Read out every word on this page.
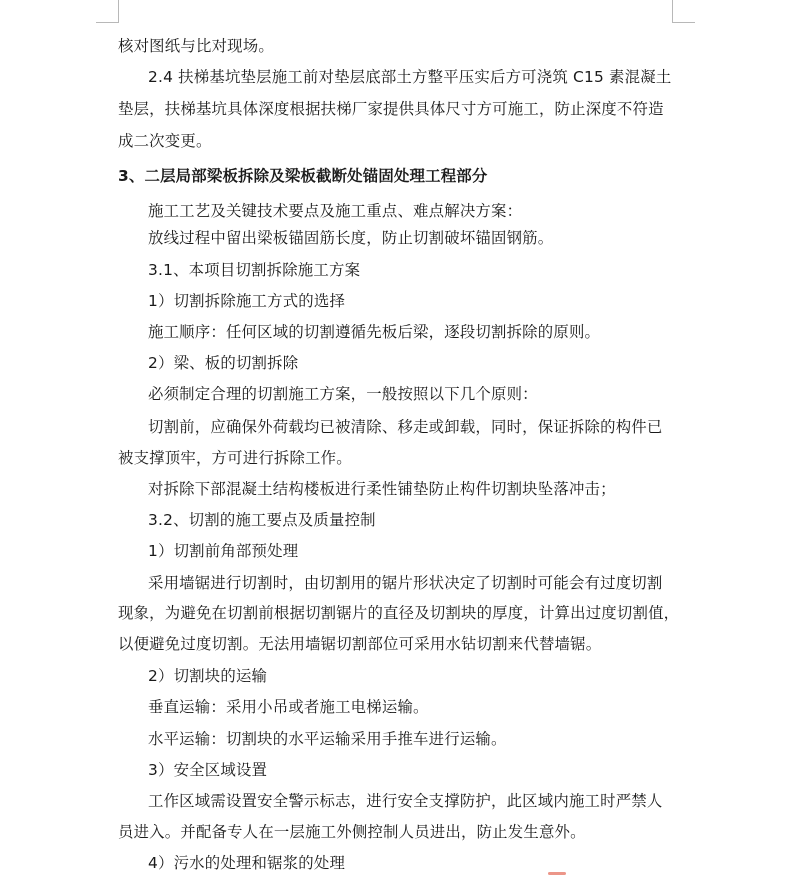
核对图纸与比对现场。
2.4 扶梯基坑垫层施工前对垫层底部土方整平压实后方可浇筑 C15 素混凝土
垫层，扶梯基坑具体深度根据扶梯厂家提供具体尺寸方可施工，防止深度不符造
成二次变更。
3、二层局部梁板拆除及梁板截断处锚固处理工程部分
施工工艺及关键技术要点及施工重点、难点解决方案：
放线过程中留出梁板锚固筋长度，防止切割破坏锚固钢筋。
3.1、本项目切割拆除施工方案
1）切割拆除施工方式的选择
施工顺序：任何区域的切割遵循先板后梁，逐段切割拆除的原则。
2）梁、板的切割拆除
必须制定合理的切割施工方案，一般按照以下几个原则：
切割前，应确保外荷载均已被清除、移走或卸载，同时，保证拆除的构件已
被支撑顶牢，方可进行拆除工作。
对拆除下部混凝土结构楼板进行柔性铺垫防止构件切割块坠落冲击；
3.2、切割的施工要点及质量控制
1）切割前角部预处理
采用墙锯进行切割时，由切割用的锯片形状决定了切割时可能会有过度切割
现象，为避免在切割前根据切割锯片的直径及切割块的厚度，计算出过度切割值，
以便避免过度切割。无法用墙锯切割部位可采用水钻切割来代替墙锯。
2）切割块的运输
垂直运输：采用小吊或者施工电梯运输。
水平运输：切割块的水平运输采用手推车进行运输。
3）安全区域设置
工作区域需设置安全警示标志，进行安全支撑防护，此区域内施工时严禁人
员进入。并配备专人在一层施工外侧控制人员进出，防止发生意外。
4）污水的处理和锯浆的处理
